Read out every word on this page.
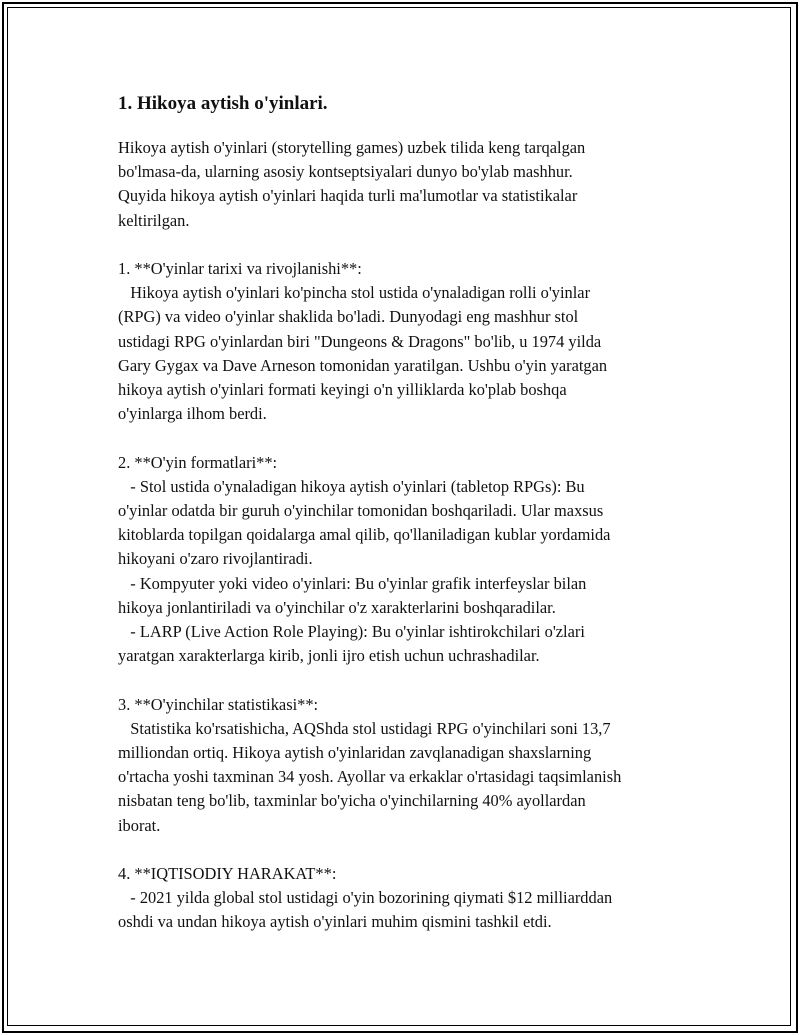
1. Hikoya aytish o'yinlari.

Hikoya aytish o'yinlari (storytelling games) uzbek tilida keng tarqalgan

bo'lmasa-da, ularning asosiy kontseptsiyalari dunyo bo'ylab mashhur.

Quyida hikoya aytish o'yinlari haqida turli ma'lumotlar va statistikalar

keltirilgan.

1. **O'yinlar tarixi va rivojlanishi**:

Hikoya aytish o'yinlari ko'pincha stol ustida o'ynaladigan rolli o'yinlar

(RPG) va video o'yinlar shaklida bo'ladi. Dunyodagi eng mashhur stol

ustidagi RPG o'yinlardan biri "Dungeons & Dragons" bo'lib, u 1974 yilda

Gary Gygax va Dave Arneson tomonidan yaratilgan. Ushbu o'yin yaratgan

hikoya aytish o'yinlari formati keyingi o'n yilliklarda ko'plab boshqa

o'yinlarga ilhom berdi.

2. **O'yin formatlari**:

- Stol ustida o'ynaladigan hikoya aytish o'yinlari (tabletop RPGs): Bu

o'yinlar odatda bir guruh o'yinchilar tomonidan boshqariladi. Ular maxsus

kitoblarda topilgan qoidalarga amal qilib, qo'llaniladigan kublar yordamida

hikoyani o'zaro rivojlantiradi.

- Kompyuter yoki video o'yinlari: Bu o'yinlar grafik interfeyslar bilan

hikoya jonlantiriladi va o'yinchilar o'z xarakterlarini boshqaradilar.

- LARP (Live Action Role Playing): Bu o'yinlar ishtirokchilari o'zlari

yaratgan xarakterlarga kirib, jonli ijro etish uchun uchrashadilar.

3. **O'yinchilar statistikasi**:

Statistika ko'rsatishicha, AQShda stol ustidagi RPG o'yinchilari soni 13,7

milliondan ortiq. Hikoya aytish o'yinlaridan zavqlanadigan shaxslarning

o'rtacha yoshi taxminan 34 yosh. Ayollar va erkaklar o'rtasidagi taqsimlanish

nisbatan teng bo'lib, taxminlar bo'yicha o'yinchilarning 40% ayollardan

iborat.

4. **IQTISODIY HARAKAT**:

- 2021 yilda global stol ustidagi o'yin bozorining qiymati $12 milliarddan

oshdi va undan hikoya aytish o'yinlari muhim qismini tashkil etdi.
